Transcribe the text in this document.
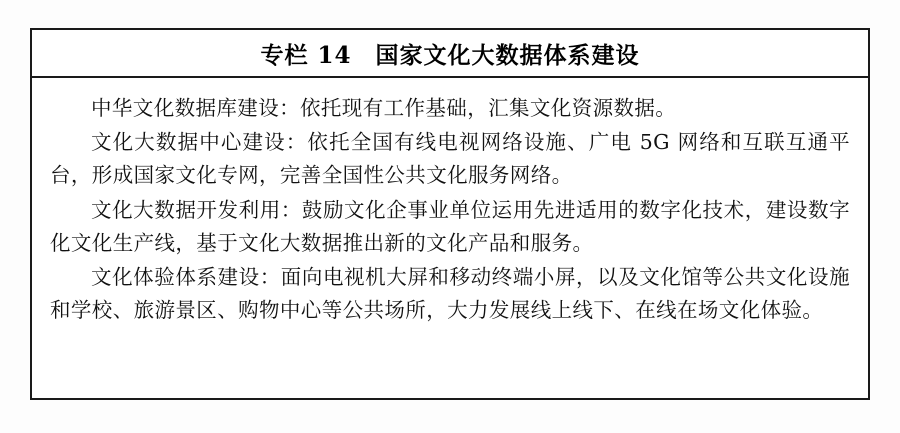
专栏 14　国家文化大数据体系建设

中华文化数据库建设：依托现有工作基础，汇集文化资源数据。

文化大数据中心建设：依托全国有线电视网络设施、广电 5G 网络和互联互通平台，形成国家文化专网，完善全国性公共文化服务网络。

文化大数据开发利用：鼓励文化企事业单位运用先进适用的数字化技术，建设数字化文化生产线，基于文化大数据推出新的文化产品和服务。

文化体验体系建设：面向电视机大屏和移动终端小屏，以及文化馆等公共文化设施和学校、旅游景区、购物中心等公共场所，大力发展线上线下、在线在场文化体验。
